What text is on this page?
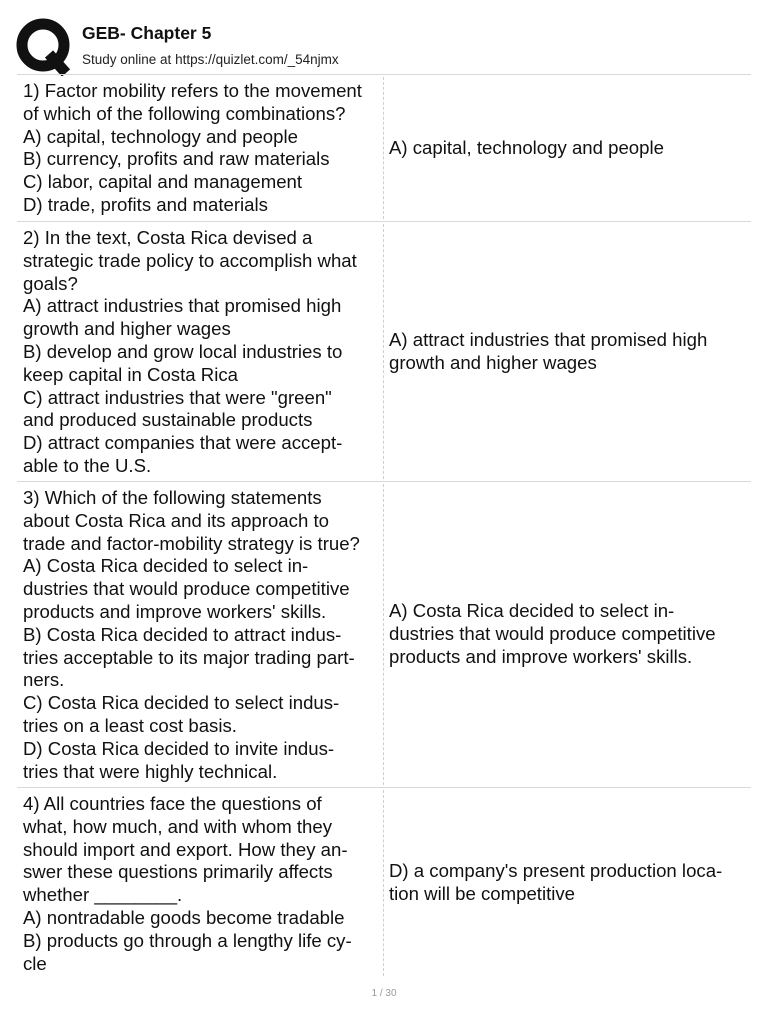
GEB- Chapter 5
Study online at https://quizlet.com/_54njmx
1) Factor mobility refers to the movement
of which of the following combinations?
A) capital, technology and people
B) currency, profits and raw materials
C) labor, capital and management
D) trade, profits and materials
A) capital, technology and people
2) In the text, Costa Rica devised a
strategic trade policy to accomplish what
goals?
A) attract industries that promised high
growth and higher wages
B) develop and grow local industries to
keep capital in Costa Rica
C) attract industries that were "green"
and produced sustainable products
D) attract companies that were accept-
able to the U.S.
A) attract industries that promised high
growth and higher wages
3) Which of the following statements
about Costa Rica and its approach to
trade and factor-mobility strategy is true?
A) Costa Rica decided to select in-
dustries that would produce competitive
products and improve workers' skills.
B) Costa Rica decided to attract indus-
tries acceptable to its major trading part-
ners.
C) Costa Rica decided to select indus-
tries on a least cost basis.
D) Costa Rica decided to invite indus-
tries that were highly technical.
A) Costa Rica decided to select in-
dustries that would produce competitive
products and improve workers' skills.
4) All countries face the questions of
what, how much, and with whom they
should import and export. How they an-
swer these questions primarily affects
whether ________.
A) nontradable goods become tradable
B) products go through a lengthy life cy-
cle
D) a company's present production loca-
tion will be competitive
1 / 30
